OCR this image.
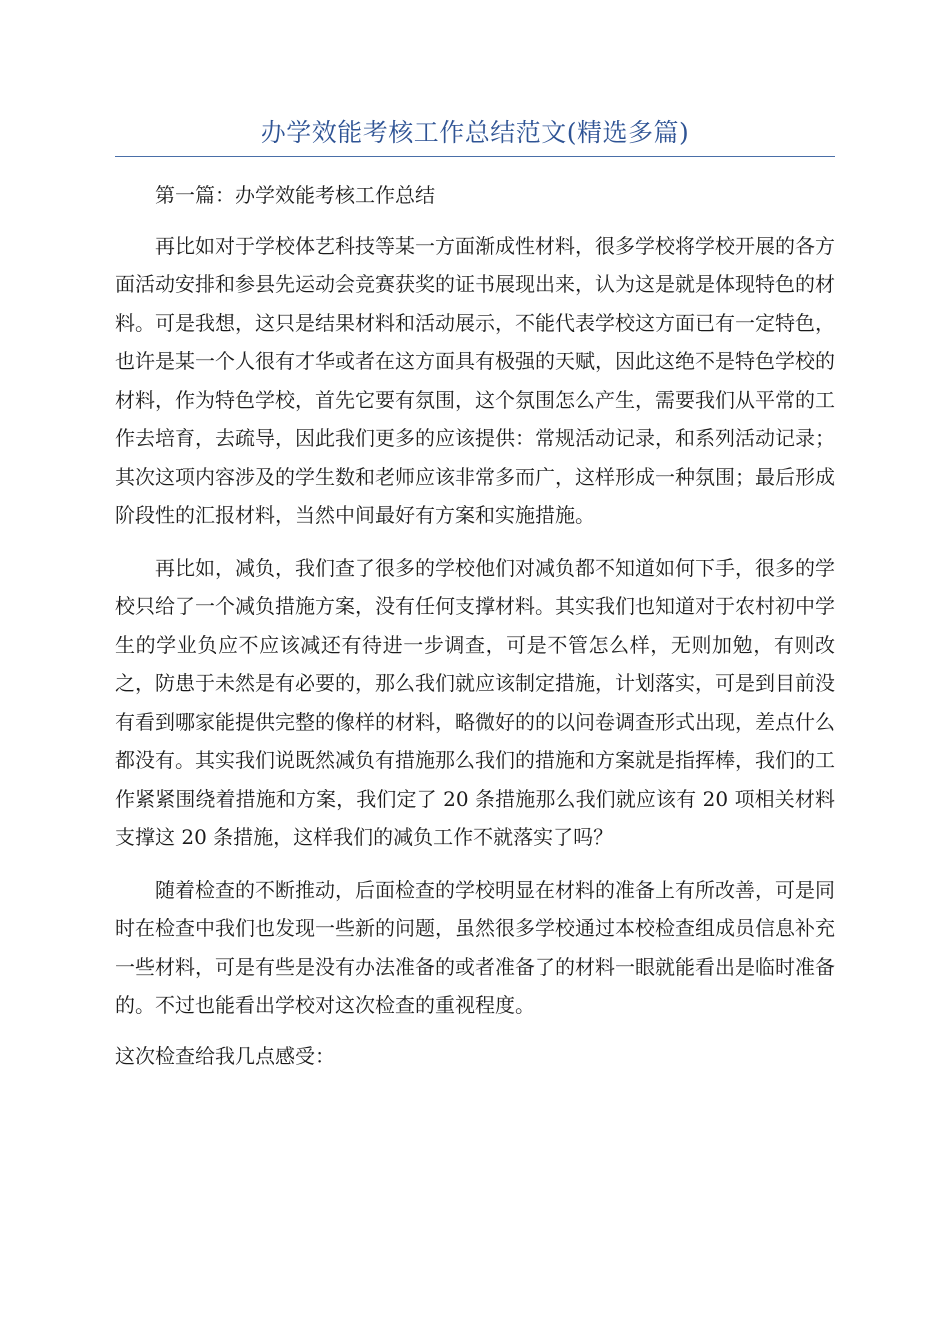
办学效能考核工作总结范文(精选多篇)

第一篇：办学效能考核工作总结

再比如对于学校体艺科技等某一方面渐成性材料，很多学校将学校开展的各方面活动安排和参县先运动会竞赛获奖的证书展现出来，认为这是就是体现特色的材料。可是我想，这只是结果材料和活动展示，不能代表学校这方面已有一定特色，也许是某一个人很有才华或者在这方面具有极强的天赋，因此这绝不是特色学校的材料，作为特色学校，首先它要有氛围，这个氛围怎么产生，需要我们从平常的工作去培育，去疏导，因此我们更多的应该提供：常规活动记录，和系列活动记录；其次这项内容涉及的学生数和老师应该非常多而广，这样形成一种氛围；最后形成阶段性的汇报材料，当然中间最好有方案和实施措施。

再比如，减负，我们查了很多的学校他们对减负都不知道如何下手，很多的学校只给了一个减负措施方案，没有任何支撑材料。其实我们也知道对于农村初中学生的学业负应不应该减还有待进一步调查，可是不管怎么样，无则加勉，有则改之，防患于未然是有必要的，那么我们就应该制定措施，计划落实，可是到目前没有看到哪家能提供完整的像样的材料，略微好的的以问卷调查形式出现，差点什么都没有。其实我们说既然减负有措施那么我们的措施和方案就是指挥棒，我们的工作紧紧围绕着措施和方案，我们定了 20 条措施那么我们就应该有 20 项相关材料支撑这 20 条措施，这样我们的减负工作不就落实了吗？

随着检查的不断推动，后面检查的学校明显在材料的准备上有所改善，可是同时在检查中我们也发现一些新的问题，虽然很多学校通过本校检查组成员信息补充一些材料，可是有些是没有办法准备的或者准备了的材料一眼就能看出是临时准备的。不过也能看出学校对这次检查的重视程度。

这次检查给我几点感受：
